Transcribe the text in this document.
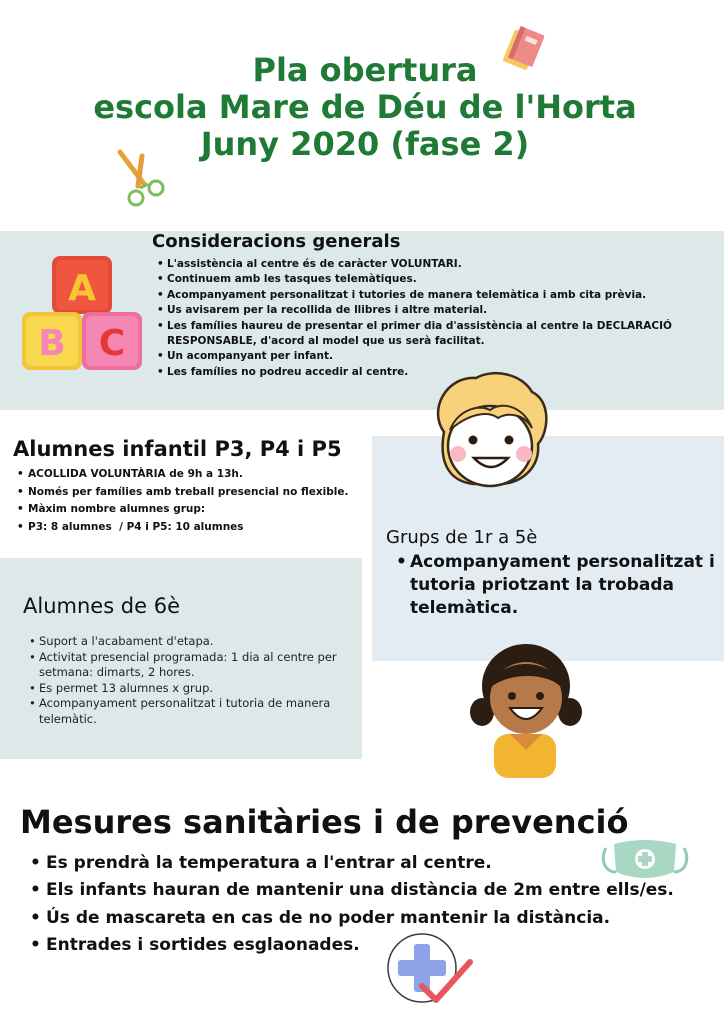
Pla obertura
escola Mare de Déu de l'Horta
Juny 2020 (fase 2)
A
B C
Consideracions generals
• L'assistència al centre és de caràcter VOLUNTARI.
• Continuem amb les tasques telemàtiques.
• Acompanyament personalitzat i tutories de manera telemàtica i amb cita prèvia.
• Us avisarem per la recollida de llibres i altre material.
• Les famílies haureu de presentar el primer dia d'assistència al centre la DECLARACIÓ
RESPONSABLE, d'acord al model que us serà facilitat.
• Un acompanyant per infant.
• Les famílies no podreu accedir al centre.
Alumnes infantil P3, P4 i P5
• ACOLLIDA VOLUNTÀRIA de 9h a 13h.
• Només per famílies amb treball presencial no flexible.
• Màxim nombre alumnes grup:
• P3: 8 alumnes  / P4 i P5: 10 alumnes
Grups de 1r a 5è
• Acompanyament personalitzat i
tutoria priotzant la trobada
telemàtica.
Alumnes de 6è
• Suport a l'acabament d'etapa.
• Activitat presencial programada: 1 dia al centre per
setmana: dimarts, 2 hores.
• Es permet 13 alumnes x grup.
• Acompanyament personalitzat i tutoria de manera
telemàtic.
Mesures sanitàries i de prevenció
• Es prendrà la temperatura a l'entrar al centre.
• Els infants hauran de mantenir una distància de 2m entre ells/es.
• Ús de mascareta en cas de no poder mantenir la distància.
• Entrades i sortides esglaonades.
